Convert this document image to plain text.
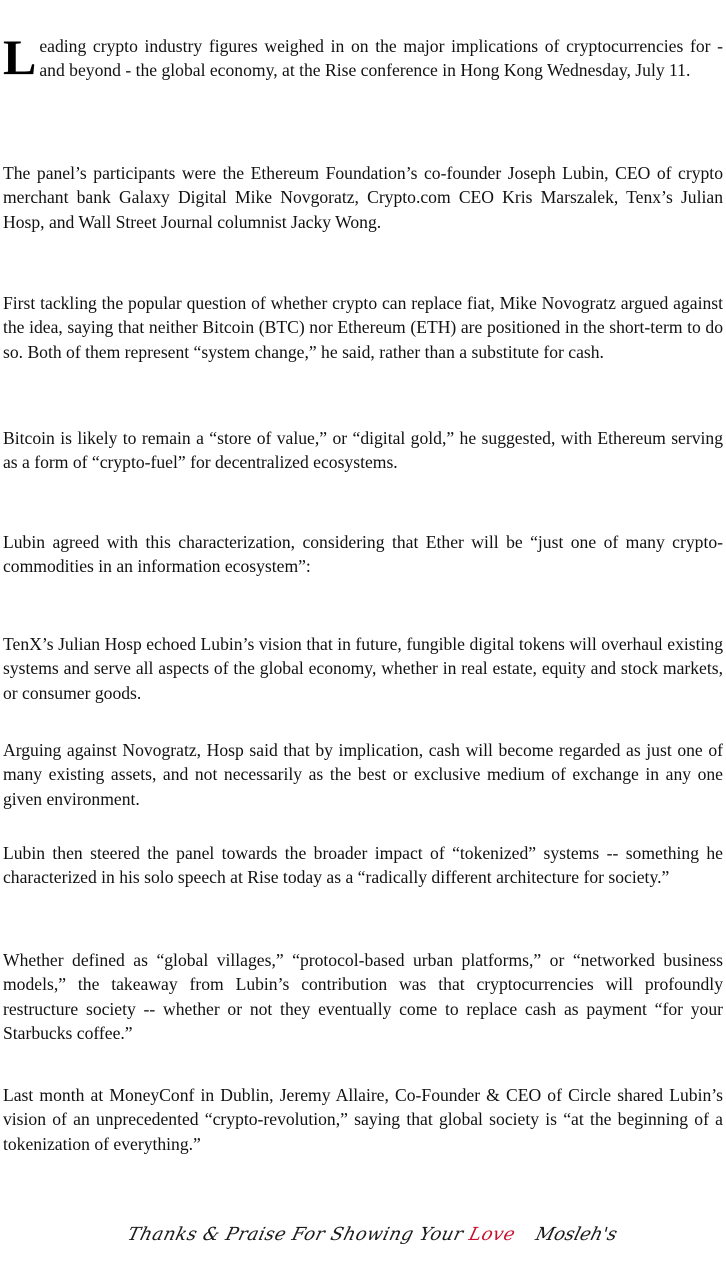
Leading crypto industry figures weighed in on the major implications of cryptocurrencies for - and beyond - the global economy, at the Rise conference in Hong Kong Wednesday, July 11.

The panel’s participants were the Ethereum Foundation’s co-founder Joseph Lubin, CEO of crypto merchant bank Galaxy Digital Mike Novgoratz, Crypto.com CEO Kris Marszalek, Tenx’s Julian Hosp, and Wall Street Journal columnist Jacky Wong.

First tackling the popular question of whether crypto can replace fiat, Mike Novogratz argued against the idea, saying that neither Bitcoin (BTC) nor Ethereum (ETH) are positioned in the short-term to do so. Both of them represent “system change,” he said, rather than a substitute for cash.

Bitcoin is likely to remain a “store of value,” or “digital gold,” he suggested, with Ethereum serving as a form of “crypto-fuel” for decentralized ecosystems.

Lubin agreed with this characterization, considering that Ether will be “just one of many crypto-commodities in an information ecosystem”:

TenX’s Julian Hosp echoed Lubin’s vision that in future, fungible digital tokens will overhaul existing systems and serve all aspects of the global economy, whether in real estate, equity and stock markets, or consumer goods.

Arguing against Novogratz, Hosp said that by implication, cash will become regarded as just one of many existing assets, and not necessarily as the best or exclusive medium of exchange in any one given environment.

Lubin then steered the panel towards the broader impact of “tokenized” systems -- something he characterized in his solo speech at Rise today as a “radically different architecture for society.”

Whether defined as “global villages,” “protocol-based urban platforms,” or “networked business models,” the takeaway from Lubin’s contribution was that cryptocurrencies will profoundly restructure society -- whether or not they eventually come to replace cash as payment “for your Starbucks coffee.”

Last month at MoneyConf in Dublin, Jeremy Allaire, Co-Founder & CEO of Circle shared Lubin’s vision of an unprecedented “crypto-revolution,” saying that global society is “at the beginning of a tokenization of everything.”

Thanks & Praise For Showing Your Love Mosleh's
